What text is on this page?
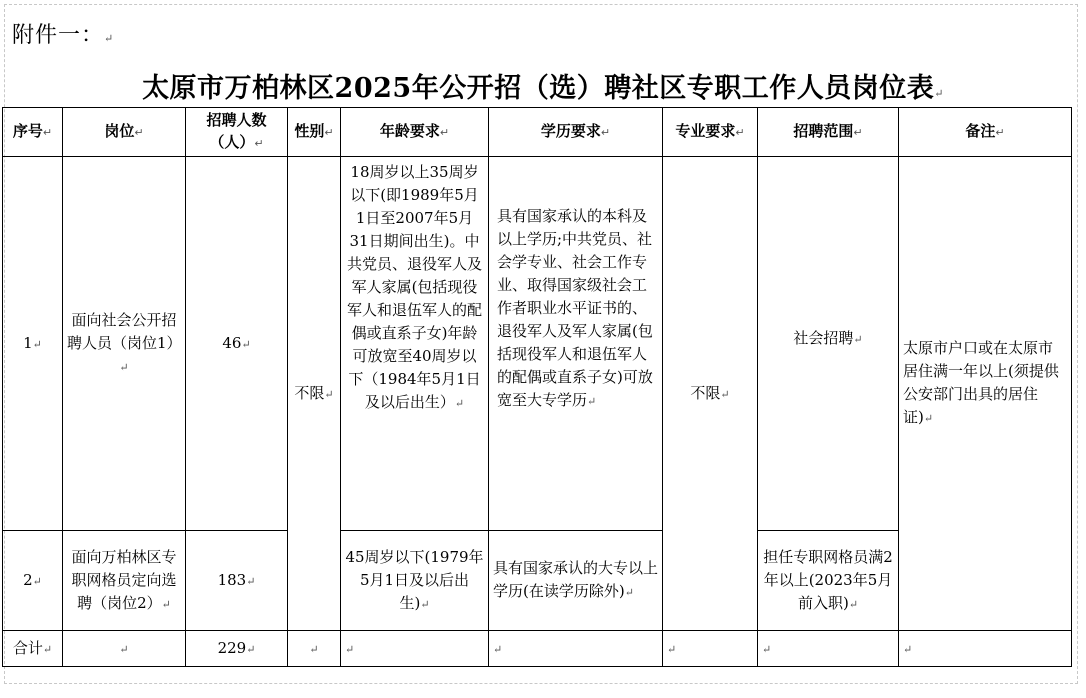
附件一：↵
太原市万柏林区2025年公开招（选）聘社区专职工作人员岗位表↵
序号↵	岗位↵	招聘人数（人）↵	性别↵	年龄要求↵	学历要求↵	专业要求↵	招聘范围↵	备注↵
1↵	面向社会公开招聘人员（岗位1）↵	46↵	不限↵	18周岁以上35周岁以下(即1989年5月1日至2007年5月31日期间出生)。中共党员、退役军人及军人家属(包括现役军人和退伍军人的配偶或直系子女)年龄可放宽至40周岁以下（1984年5月1日及以后出生）↵	具有国家承认的本科及以上学历;中共党员、社会学专业、社会工作专业、取得国家级社会工作者职业水平证书的、退役军人及军人家属(包括现役军人和退伍军人的配偶或直系子女)可放宽至大专学历↵	不限↵	社会招聘↵	太原市户口或在太原市居住满一年以上(须提供公安部门出具的居住证)↵
2↵	面向万柏林区专职网格员定向选聘（岗位2）↵	183↵		45周岁以下(1979年5月1日及以后出生)↵	具有国家承认的大专以上学历(在读学历除外)↵		担任专职网格员满2年以上(2023年5月前入职)↵	
合计↵	↵	229↵	↵	↵	↵	↵	↵	↵
